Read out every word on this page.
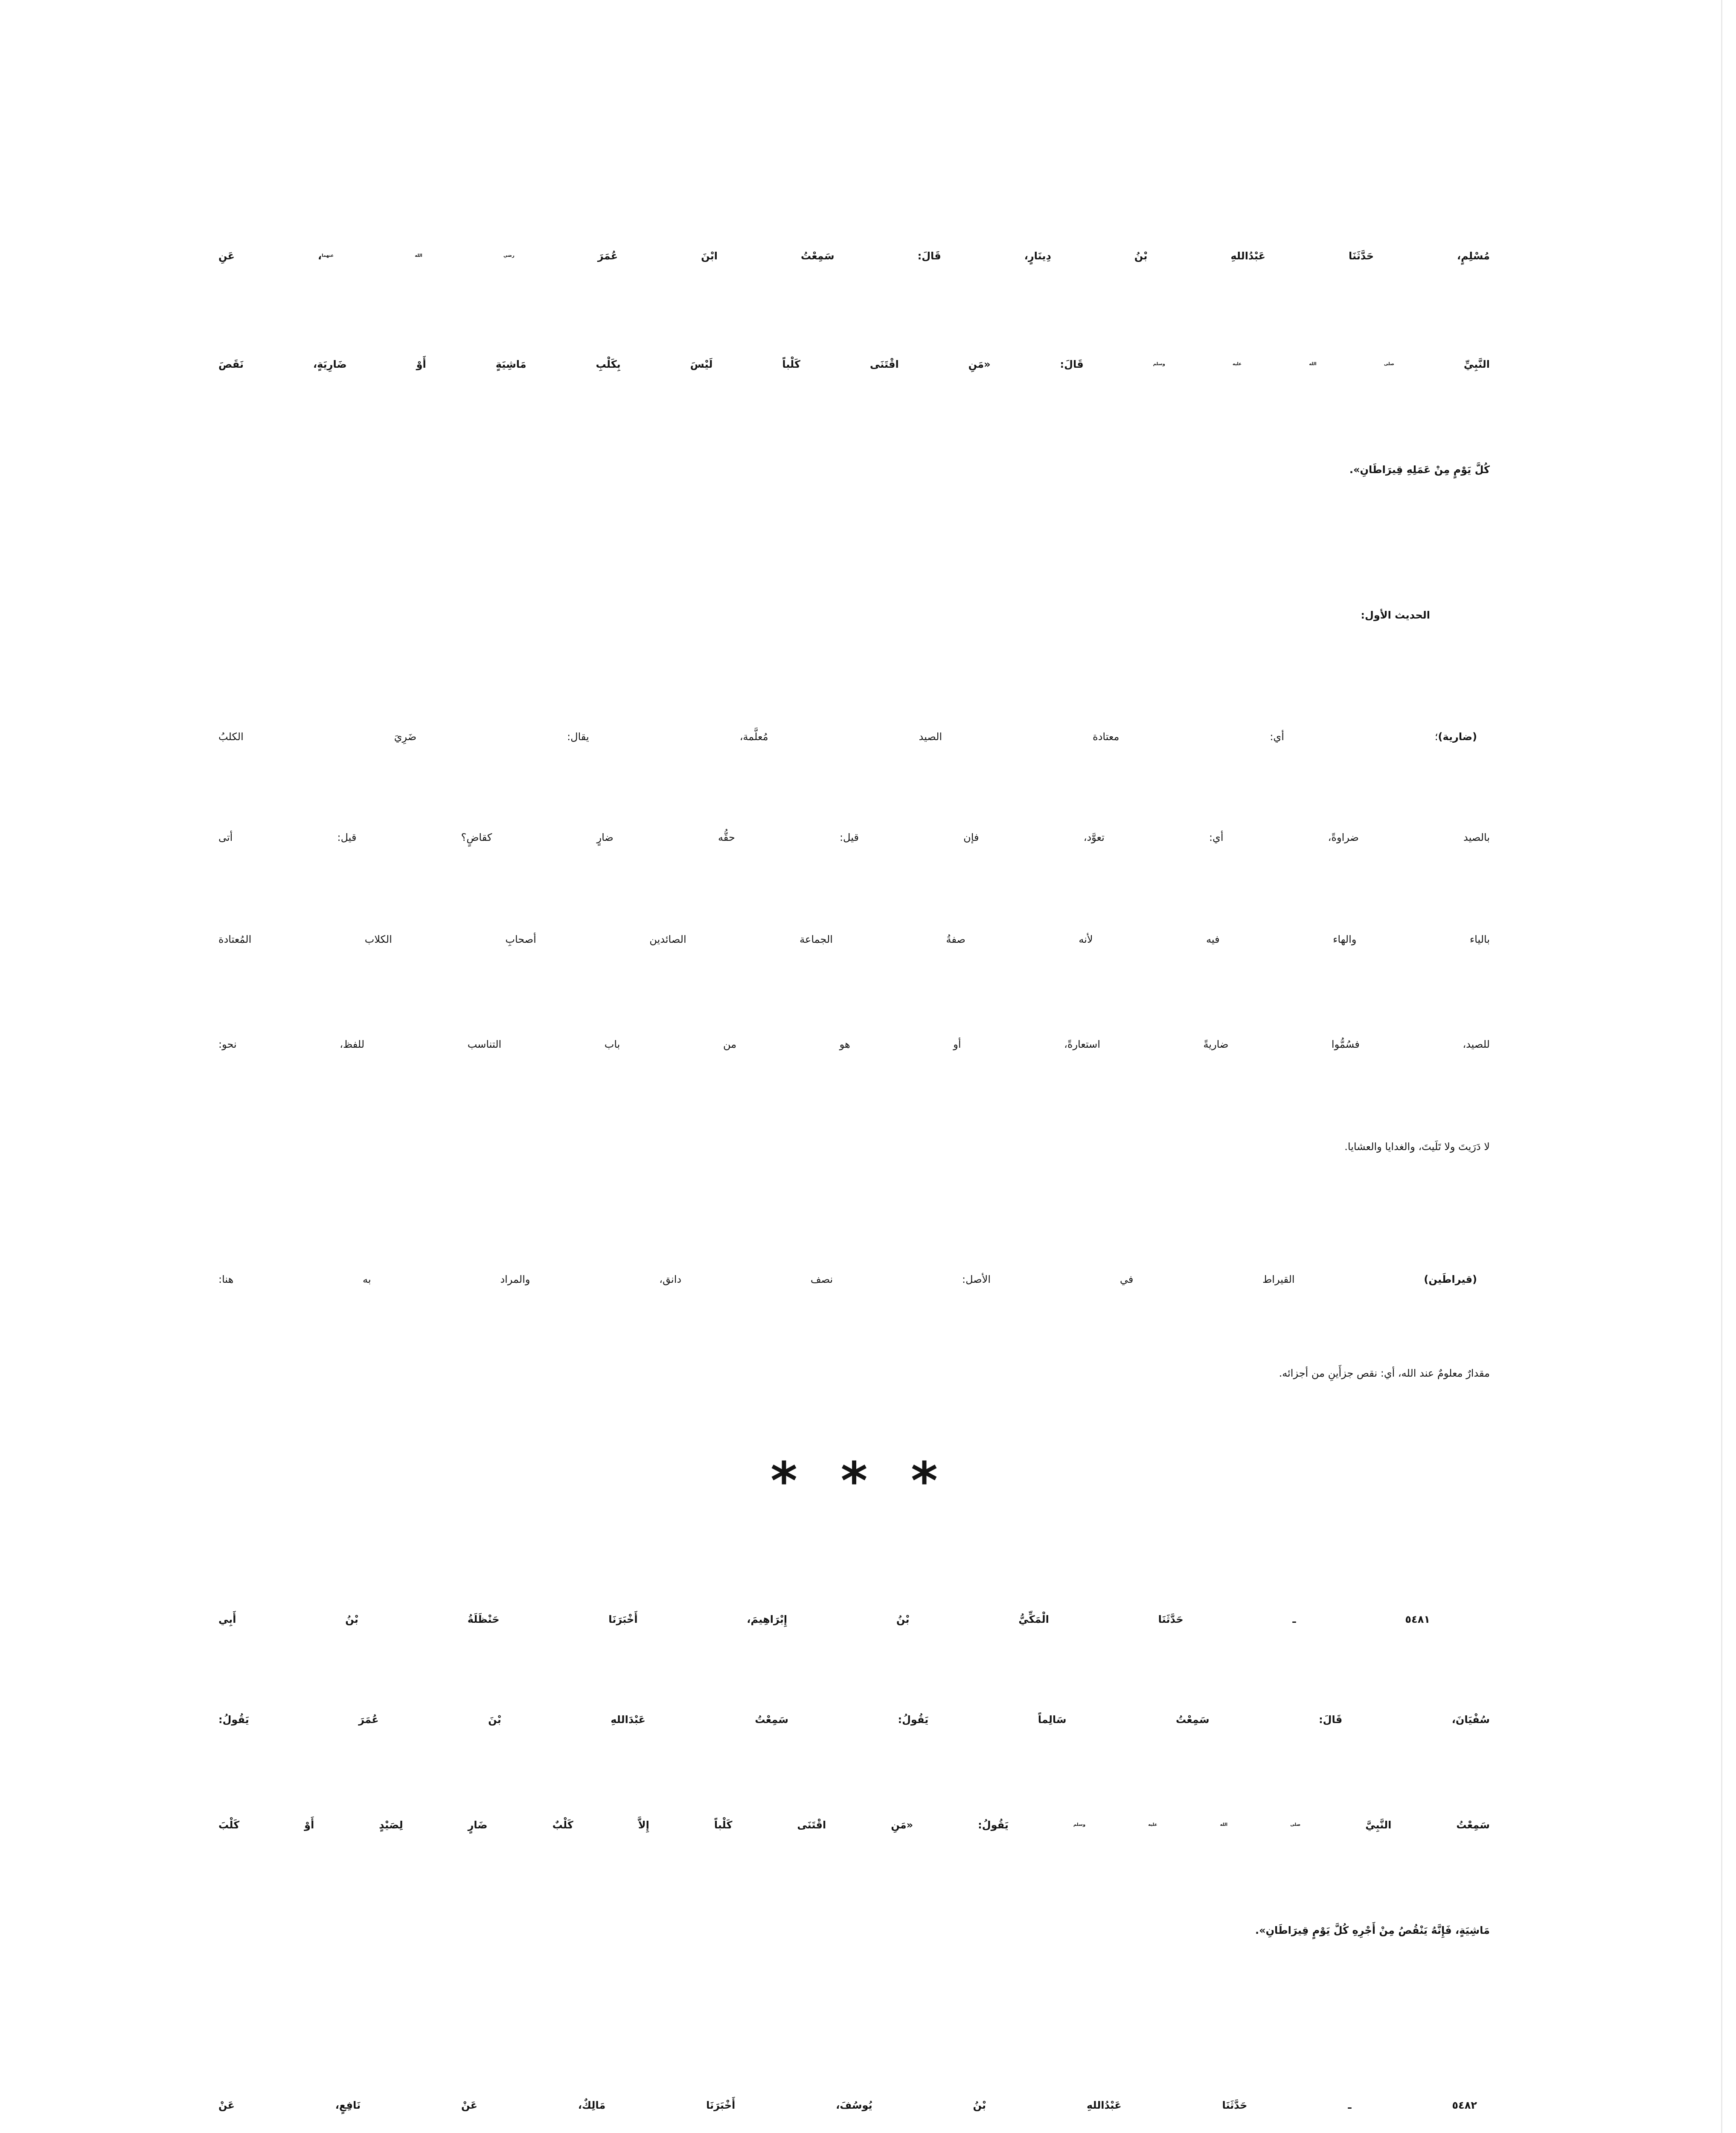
مُسْلِمٍ، حَدَّثَنَا عَبْدُاللهِ بْنُ دِينَارٍ، قَالَ: سَمِعْتُ ابْنَ عُمَرَ $^{رضي الله عنهما}$، عَنِ
النَّبِيِّ $^{صلى الله عليه وسلم}$ قَالَ: «مَنِ اقْتَنَى كَلْباً لَيْسَ بِكَلْبِ مَاشِيَةٍ أَوْ ضَارِيَةٍ، نَقَصَ
كُلَّ يَوْمٍ مِنْ عَمَلِهِ قِيرَاطَانِ».
الحديث الأول:
(ضارية)؛ أي: معتادة الصيد مُعلَّمة، يقال: ضَرِيَ الكلبُ
بالصيد ضراوةً، أي: تعوَّد، فإن قيل: حقُّه ضارٍ كقاضٍ؟ قيل: أتى
بالياء والهاء فيه لأنه صفةُ الجماعة الصائدين أصحابِ الكلاب المُعتادة
للصيد، فسُمُّوا ضاريةً استعارةً، أو هو من باب التناسب للفظ، نحو:
لا دَرَيتَ ولا تَلَيتَ، والغدايا والعشايا.
(قيراطَين) القيراط في الأصل: نصف دانق، والمراد به هنا:
مقدارٌ معلومٌ عند الله، أي: نقص جزأَينِ من أجزائه.
* * *
٥٤٨١ ـ حَدَّثَنَا الْمَكِّيُّ بْنُ إِبْرَاهِيمَ، أَخْبَرَنَا حَنْظَلَةُ بْنُ أَبِي
سُفْيَانَ، قَالَ: سَمِعْتُ سَالِماً يَقُولُ: سَمِعْتُ عَبْدَاللهِ بْنَ عُمَرَ يَقُولُ:
سَمِعْتُ النَّبِيَّ $^{صلى الله عليه وسلم}$ يَقُولُ: «مَنِ اقْتَنَى كَلْباً إِلاَّ كَلْبٌ ضَارٍ لِصَيْدٍ أَوْ كَلْبَ
مَاشِيَةٍ، فَإِنَّهُ يَنْقُصُ مِنْ أَجْرِهِ كُلَّ يَوْمٍ قِيرَاطَانِ».
٥٤٨٢ ـ حَدَّثَنَا عَبْدُاللهِ بْنُ يُوسُفَ، أَخْبَرَنَا مَالِكٌ، عَنْ نَافِعٍ، عَنْ
